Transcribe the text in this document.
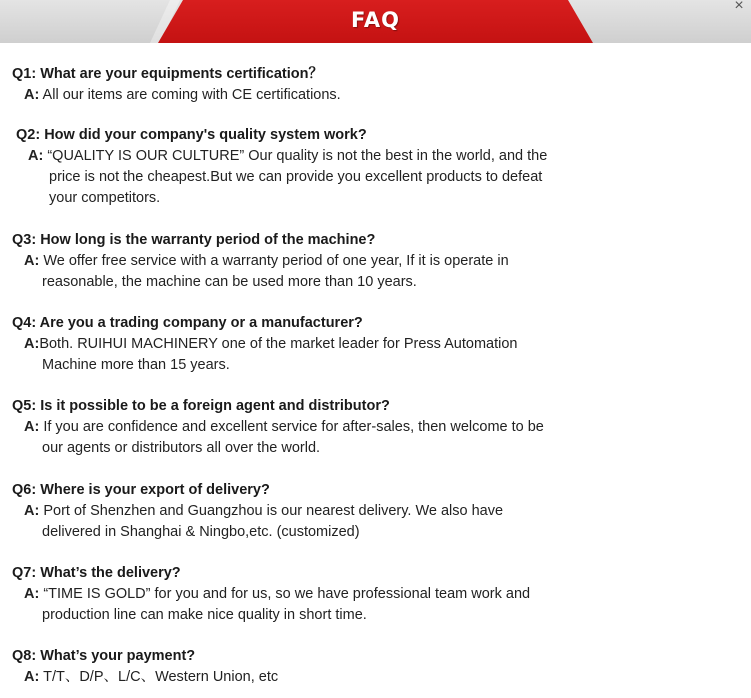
FAQ
×
Q1: What are your equipments certification？
A: All our items are coming with CE certifications.
Q2: How did your company's quality system work?
A: “QUALITY IS OUR CULTURE” Our quality is not the best in the world, and the
price is not the cheapest.But we can provide you excellent products to defeat
your competitors.
Q3: How long is the warranty period of the machine?
A: We offer free service with a warranty period of one year, If it is operate in
reasonable, the machine can be used more than 10 years.
Q4: Are you a trading company or a manufacturer?
A:Both. RUIHUI MACHINERY one of the market leader for Press Automation
Machine more than 15 years.
Q5: Is it possible to be a foreign agent and distributor?
A: If you are confidence and excellent service for after-sales, then welcome to be
our agents or distributors all over the world.
Q6: Where is your export of delivery?
A: Port of Shenzhen and Guangzhou is our nearest delivery. We also have
delivered in Shanghai & Ningbo,etc. (customized)
Q7: What’s the delivery?
A: “TIME IS GOLD” for you and for us, so we have professional team work and
production line can make nice quality in short time.
Q8: What’s your payment?
A: T/T、D/P、L/C、Western Union, etc
